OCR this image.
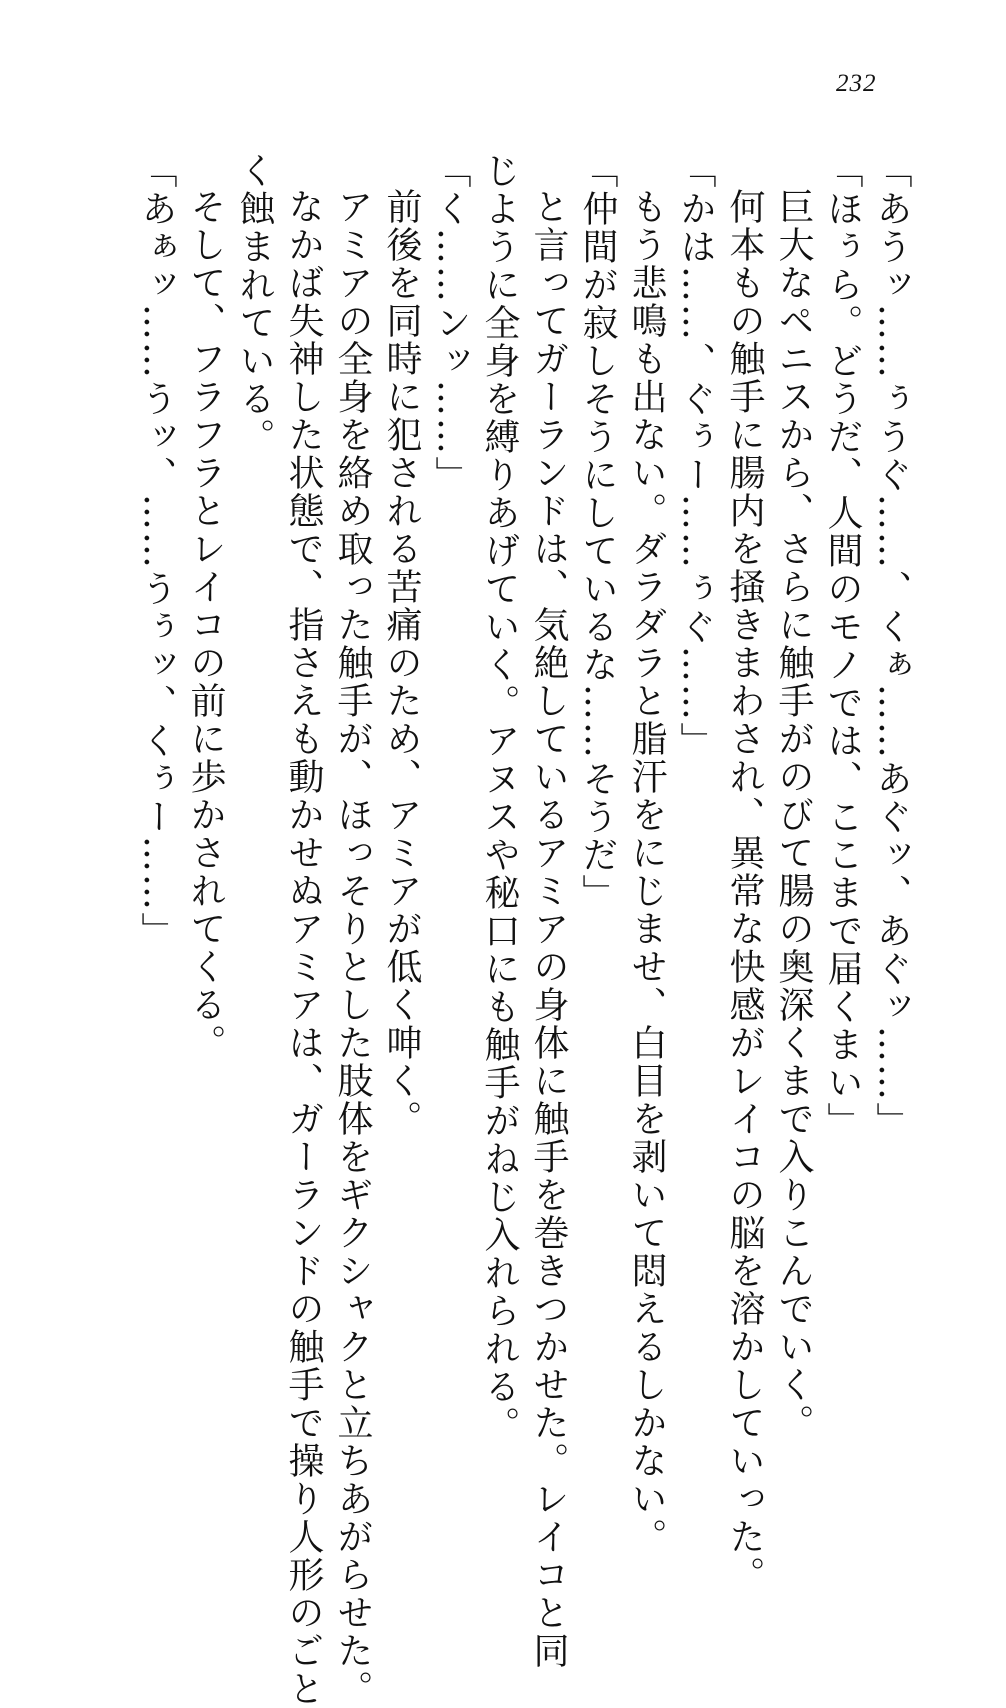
232
「あうッ……ぅうぐ……、くぁ……あぐッ、あぐッ……」
「ほぅら。どうだ、人間のモノでは、ここまで届くまい」
巨大なペニスから、さらに触手がのびて腸の奥深くまで入りこんでいく。
何本もの触手に腸内を掻きまわされ、異常な快感がレイコの脳を溶かしていった。
「かは……、ぐぅー……ぅぐ……」
もう悲鳴も出ない。ダラダラと脂汗をにじませ、白目を剥いて悶えるしかない。
「仲間が寂しそうにしているな……そうだ」
と言ってガーランドは、気絶しているアミアの身体に触手を巻きつかせた。レイコと同
じように全身を縛りあげていく。アヌスや秘口にも触手がねじ入れられる。
「く……ンッ……」
前後を同時に犯される苦痛のため、アミアが低く呻く。
アミアの全身を絡め取った触手が、ほっそりとした肢体をギクシャクと立ちあがらせた。
なかば失神した状態で、指さえも動かせぬアミアは、ガーランドの触手で操り人形のごと
く蝕まれている。
そして、フラフラとレイコの前に歩かされてくる。
「あぁッ……うッ、……うぅッ、くぅー……」
